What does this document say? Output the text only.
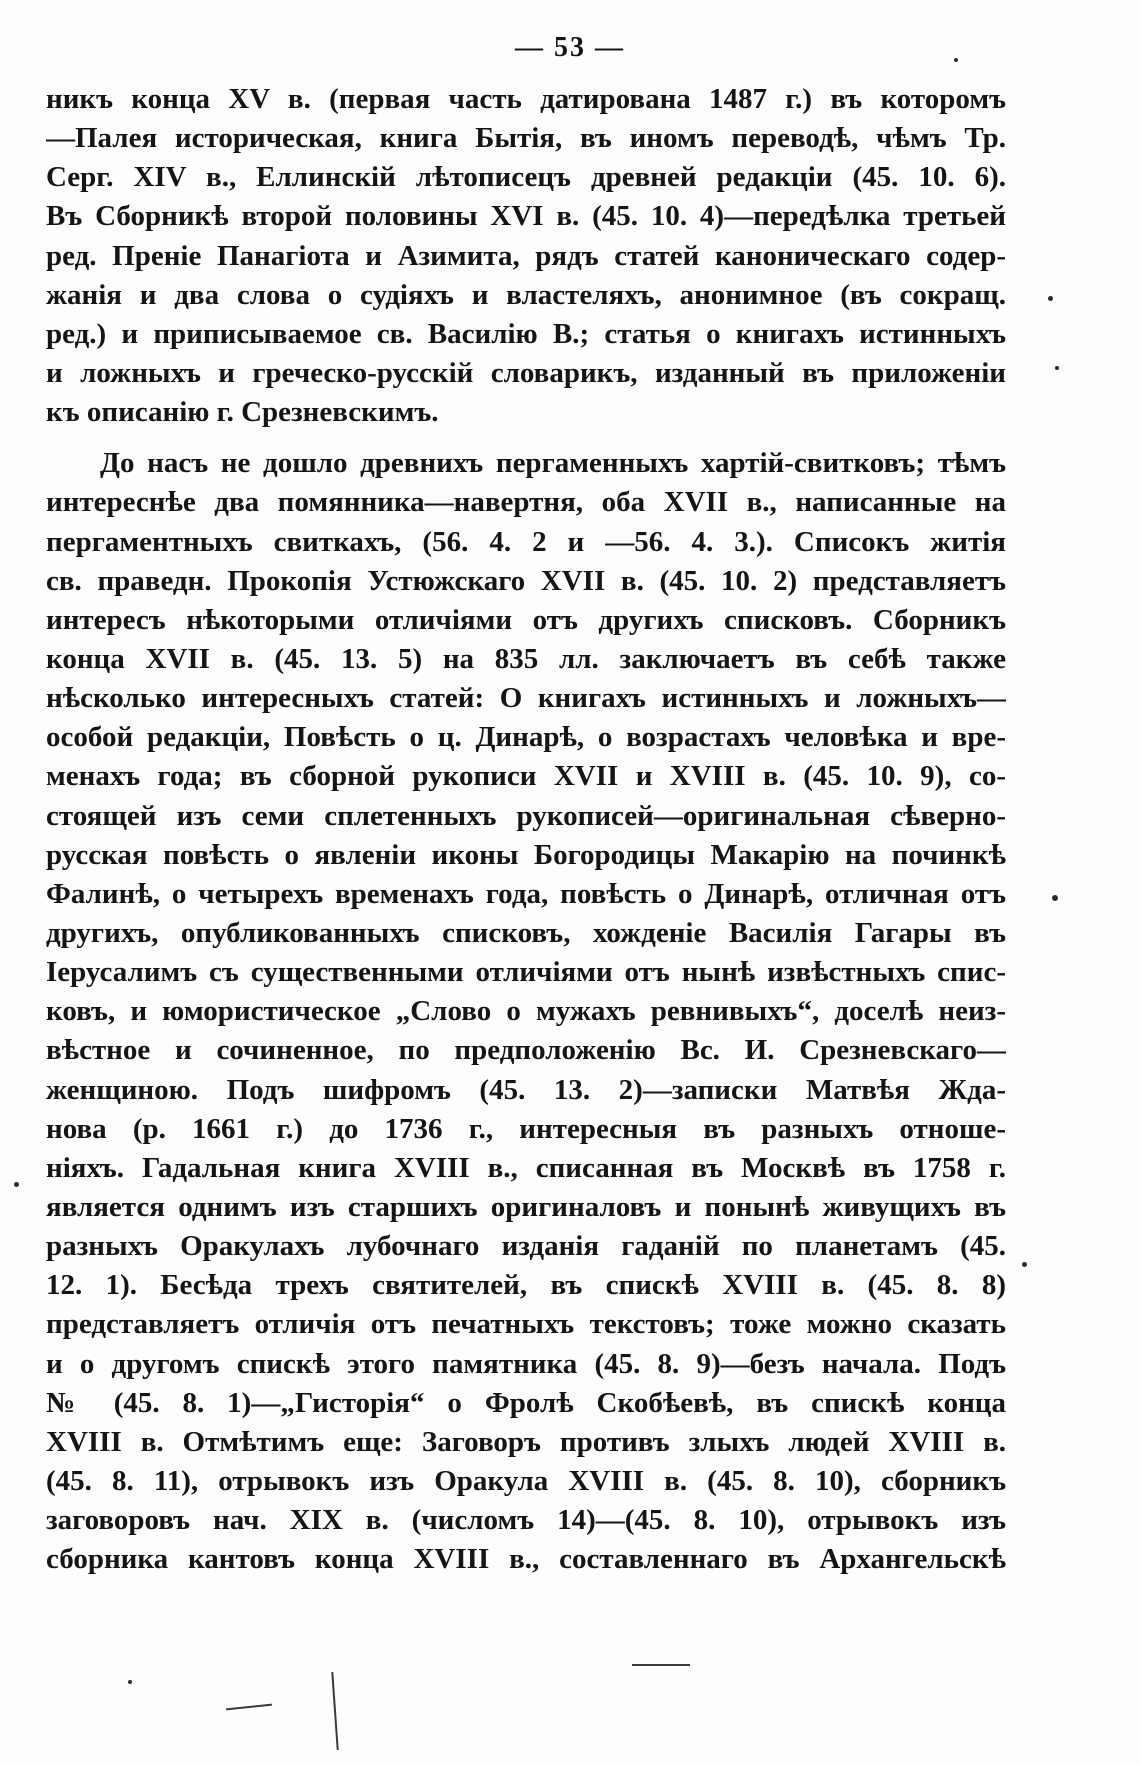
— 53 —
никъ конца XV в. (первая часть датирована 1487 г.) въ которомъ
—Палея историческая, книга Бытія, въ иномъ переводѣ, чѣмъ Тр.
Серг. XIV в., Еллинскій лѣтописецъ древней редакціи (45. 10. 6).
Въ Сборникѣ второй половины XVI в. (45. 10. 4)—передѣлка третьей
ред. Преніе Панагіота и Азимита, рядъ статей каноническаго содер-
жанія и два слова о судіяхъ и властеляхъ, анонимное (въ сокращ.
ред.) и приписываемое св. Василію В.; статья о книгахъ истинныхъ
и ложныхъ и греческо-русскій словарикъ, изданный въ приложеніи
къ описанію г. Срезневскимъ.
До насъ не дошло древнихъ пергаменныхъ хартій-свитковъ; тѣмъ
интереснѣе два помянника—навертня, оба XVII в., написанные на
пергаментныхъ свиткахъ, (56. 4. 2 и —56. 4. 3.). Списокъ житія
св. праведн. Прокопія Устюжскаго XVII в. (45. 10. 2) представляетъ
интересъ нѣкоторыми отличіями отъ другихъ списковъ. Сборникъ
конца XVII в. (45. 13. 5) на 835 лл. заключаетъ въ себѣ также
нѣсколько интересныхъ статей: О книгахъ истинныхъ и ложныхъ—
особой редакціи, Повѣсть о ц. Динарѣ, о возрастахъ человѣка и вре-
менахъ года; въ сборной рукописи XVII и XVIII в. (45. 10. 9), со-
стоящей изъ семи сплетенныхъ рукописей—оригинальная сѣверно-
русская повѣсть о явленіи иконы Богородицы Макарію на починкѣ
Фалинѣ, о четырехъ временахъ года, повѣсть о Динарѣ, отличная отъ
другихъ, опубликованныхъ списковъ, хожденіе Василія Гагары въ
Іерусалимъ съ существенными отличіями отъ нынѣ извѣстныхъ спис-
ковъ, и юмористическое „Слово о мужахъ ревнивыхъ“, доселѣ неиз-
вѣстное и сочиненное, по предположенію Вс. И. Срезневскаго—
женщиною. Подъ шифромъ (45. 13. 2)—записки Матвѣя Жда-
нова (р. 1661 г.) до 1736 г., интересныя въ разныхъ отноше-
ніяхъ. Гадальная книга XVIII в., списанная въ Москвѣ въ 1758 г.
является однимъ изъ старшихъ оригиналовъ и понынѣ живущихъ въ
разныхъ Оракулахъ лубочнаго изданія гаданій по планетамъ (45.
12. 1). Бесѣда трехъ святителей, въ спискѣ XVIII в. (45. 8. 8)
представляетъ отличія отъ печатныхъ текстовъ; тоже можно сказать
и о другомъ спискѣ этого памятника (45. 8. 9)—безъ начала. Подъ
№ (45. 8. 1)—„Гисторія“ о Фролѣ Скобѣевѣ, въ спискѣ конца
XVIII в. Отмѣтимъ еще: Заговоръ противъ злыхъ людей XVIII в.
(45. 8. 11), отрывокъ изъ Оракула XVIII в. (45. 8. 10), сборникъ
заговоровъ нач. XIX в. (числомъ 14)—(45. 8. 10), отрывокъ изъ
сборника кантовъ конца XVIII в., составленнаго въ Архангельскѣ
